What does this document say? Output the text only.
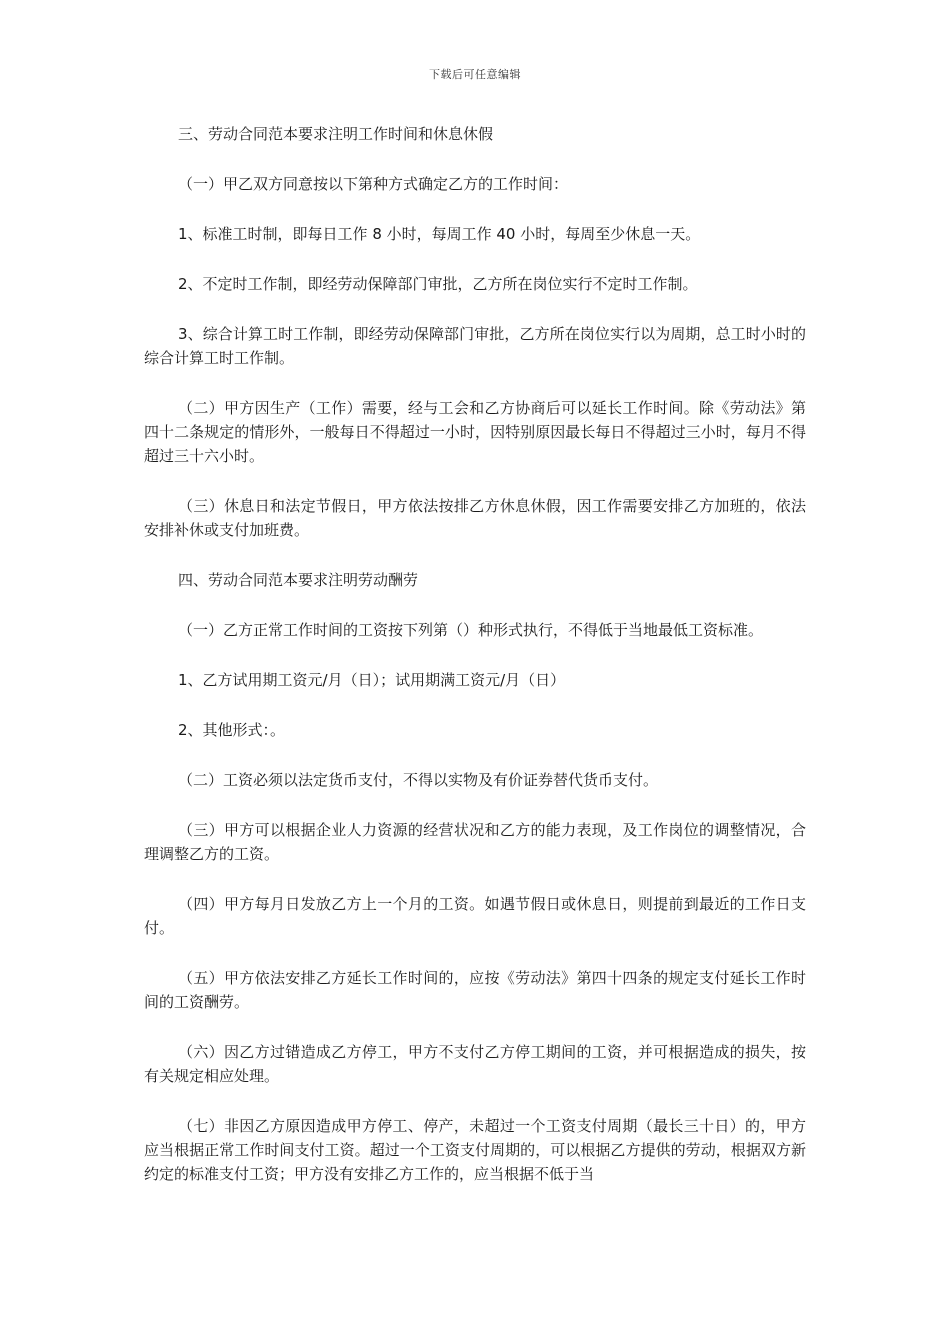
下载后可任意编辑

三、劳动合同范本要求注明工作时间和休息休假

（一）甲乙双方同意按以下第种方式确定乙方的工作时间：

1、标准工时制，即每日工作 8 小时，每周工作 40 小时，每周至少休息一天。

2、不定时工作制，即经劳动保障部门审批，乙方所在岗位实行不定时工作制。

3、综合计算工时工作制，即经劳动保障部门审批，乙方所在岗位实行以为周期，总工时小时的综合计算工时工作制。

（二）甲方因生产（工作）需要，经与工会和乙方协商后可以延长工作时间。除《劳动法》第四十二条规定的情形外，一般每日不得超过一小时，因特别原因最长每日不得超过三小时，每月不得超过三十六小时。

（三）休息日和法定节假日，甲方依法按排乙方休息休假，因工作需要安排乙方加班的，依法安排补休或支付加班费。

四、劳动合同范本要求注明劳动酬劳

（一）乙方正常工作时间的工资按下列第（）种形式执行，不得低于当地最低工资标准。

1、乙方试用期工资元/月（日）；试用期满工资元/月（日）

2、其他形式：。

（二）工资必须以法定货币支付，不得以实物及有价证券替代货币支付。

（三）甲方可以根据企业人力资源的经营状况和乙方的能力表现，及工作岗位的调整情况，合理调整乙方的工资。

（四）甲方每月日发放乙方上一个月的工资。如遇节假日或休息日，则提前到最近的工作日支付。

（五）甲方依法安排乙方延长工作时间的，应按《劳动法》第四十四条的规定支付延长工作时间的工资酬劳。

（六）因乙方过错造成乙方停工，甲方不支付乙方停工期间的工资，并可根据造成的损失，按有关规定相应处理。

（七）非因乙方原因造成甲方停工、停产，未超过一个工资支付周期（最长三十日）的，甲方应当根据正常工作时间支付工资。超过一个工资支付周期的，可以根据乙方提供的劳动，根据双方新约定的标准支付工资；甲方没有安排乙方工作的，应当根据不低于当
